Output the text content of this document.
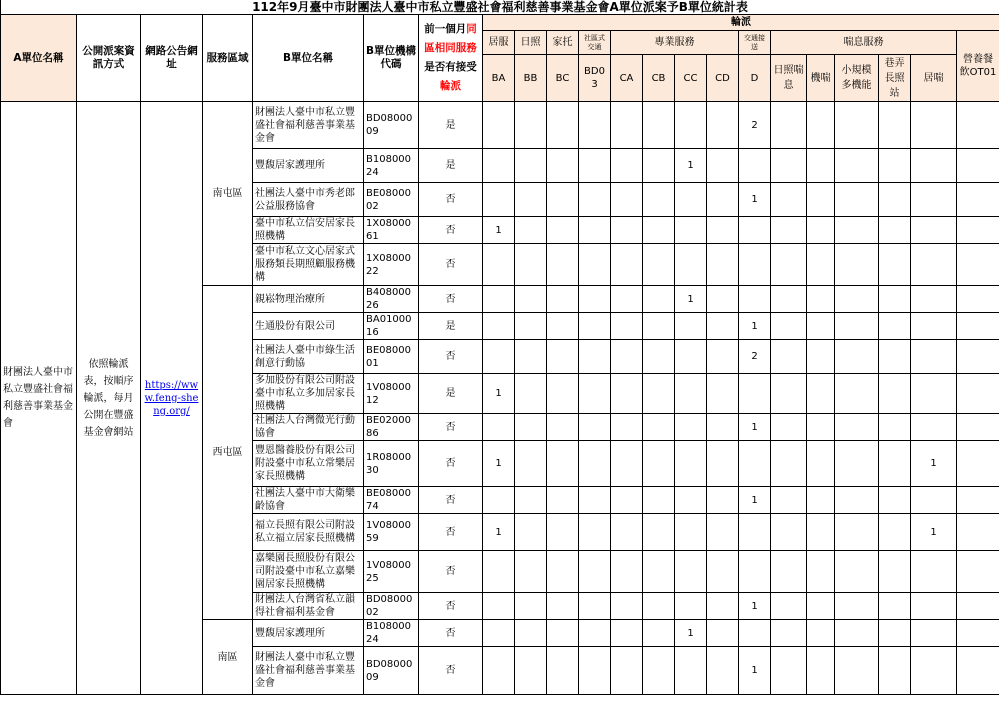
112年9月臺中市財團法人臺中市私立豐盛社會福利慈善事業基金會A單位派案予B單位統計表																					
A單位名稱	公開派案資訊方式	網路公告網址	服務區域	B單位名稱	B單位機構代碼	前一個月同區相同服務是否有接受輪派	輪派														
							居服	日照	家托	社區式交通	專業服務				交通接送	喘息服務					營養餐飲OT01
							BA	BB	BC	BD03	CA	CB	CC	CD	D	日照喘息	機喘	小規模多機能	巷弄長照站	居喘	
財團法人臺中市私立豐盛社會福利慈善事業基金會	依照輪派表，按順序輪派，每月公開在豐盛基金會網站	https://www.feng-sheng.org/	南屯區	財團法人臺中市私立豐盛社會福利慈善事業基金會	BD0800009	是									2						
				豐馥居家護理所	B10800024	是							1								
				社團法人臺中市秀老郎公益服務協會	BE0800002	否									1						
				臺中市私立信安居家長照機構	1X0800061	否	1														
				臺中市私立文心居家式服務類長期照顧服務機構	1X0800022	否															
			西屯區	親崧物理治療所	B40800026	否							1								
				生通股份有限公司	BA0100016	是									1						
				社團法人臺中市綠生活創意行動協	BE0800001	否									2						
				多加股份有限公司附設臺中市私立多加居家長照機構	1V0800012	是	1														
				社團法人台灣微光行動協會	BE0200086	否									1						
				豐恩醫養股份有限公司附設臺中市私立常樂居家長照機構	1R0800030	否	1													1	
				社團法人臺中市大衛樂齡協會	BE0800074	否									1						
				福立長照有限公司附設私立福立居家長照機構	1V0800059	否	1													1	
				嘉樂園長照股份有限公司附設臺中市私立嘉樂園居家長照機構	1V0800025	否															
				財團法人台灣省私立韻得社會福利基金會	BD0800002	否									1						
			南區	豐馥居家護理所	B10800024	否							1								
				財團法人臺中市私立豐盛社會福利慈善事業基金會	BD0800009	否									1						
